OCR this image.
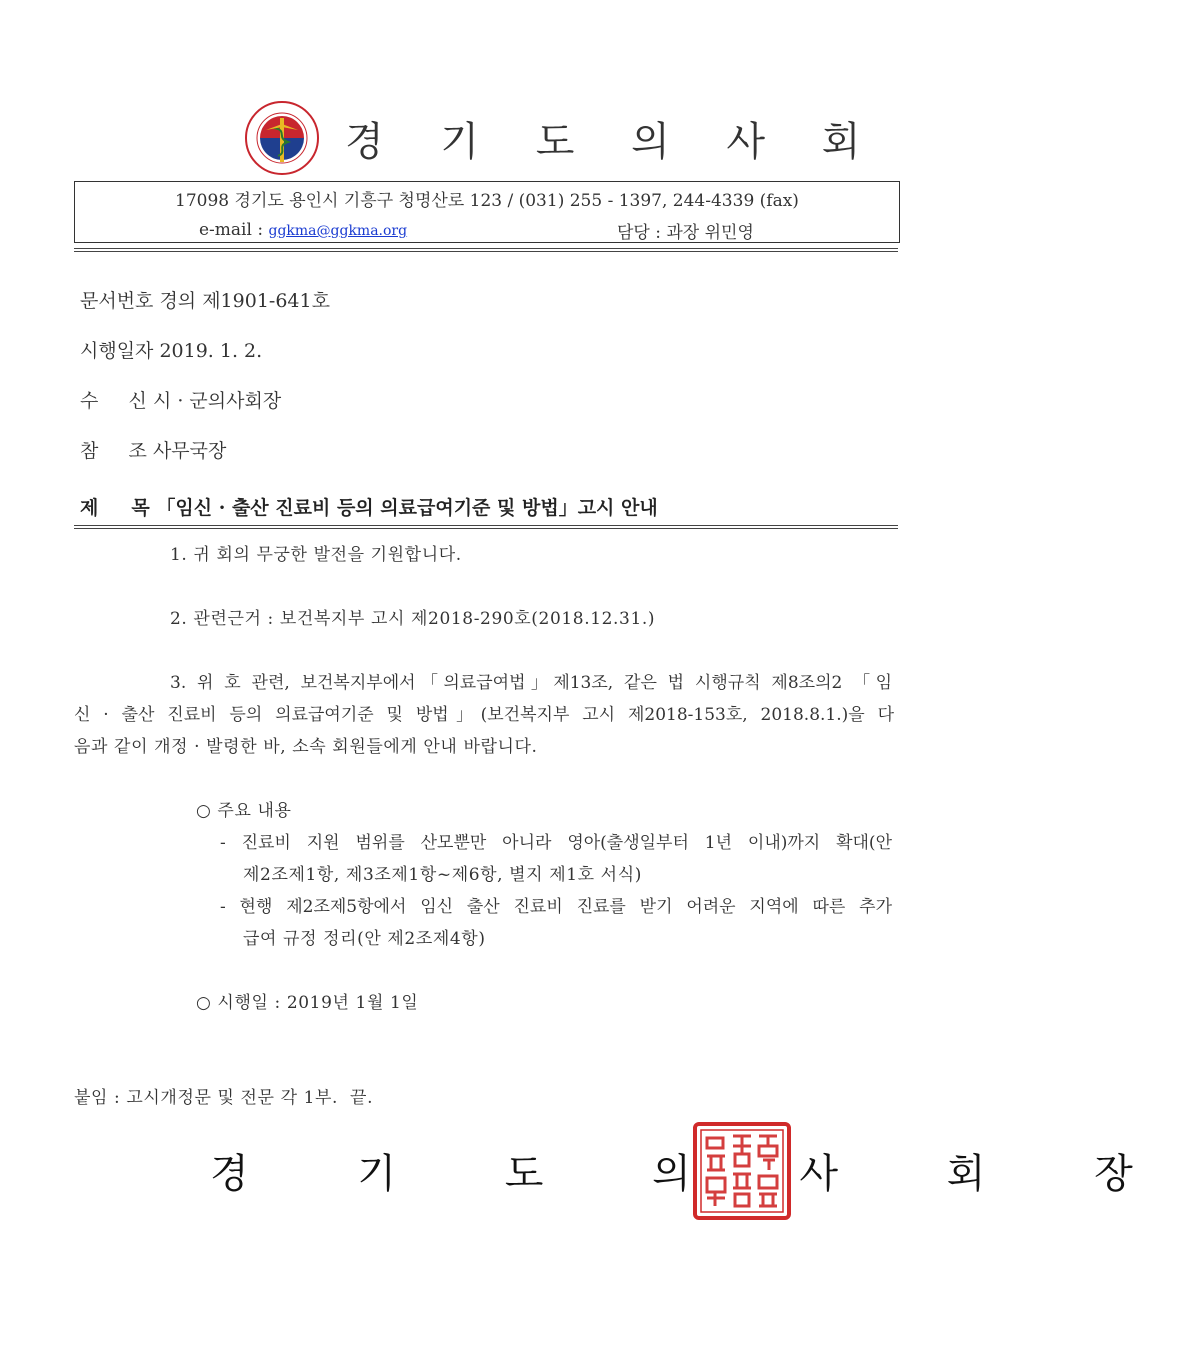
경 기 도 의 사 회
17098 경기도 용인시 기흥구 청명산로 123 / (031) 255 - 1397, 244-4339 (fax)
e-mail : ggkma@ggkma.org	담당 : 과장 위민영
문서번호 경의 제1901-641호
시행일자 2019. 1. 2.
수     신 시 · 군의사회장
참     조 사무국장
제     목 「임신 · 출산 진료비 등의 의료급여기준 및 방법」고시 안내
1. 귀 회의 무궁한 발전을 기원합니다.
2. 관련근거 : 보건복지부 고시 제2018-290호(2018.12.31.)
3. 위 호 관련, 보건복지부에서「의료급여법」제13조, 같은 법 시행규칙 제8조의2 「임
신 · 출산 진료비 등의 의료급여기준 및 방법」(보건복지부 고시 제2018-153호, 2018.8.1.)을 다
음과 같이 개정 · 발령한 바, 소속 회원들에게 안내 바랍니다.
○ 주요 내용
- 진료비 지원 범위를 산모뿐만 아니라 영아(출생일부터 1년 이내)까지 확대(안
제2조제1항, 제3조제1항~제6항, 별지 제1호 서식)
- 현행 제2조제5항에서 임신 출산 진료비 진료를 받기 어려운 지역에 따른 추가
급여 규정 정리(안 제2조제4항)
○ 시행일 : 2019년 1월 1일
붙임 : 고시개정문 및 전문 각 1부.  끝.
경 기 도 의 사 회 장
